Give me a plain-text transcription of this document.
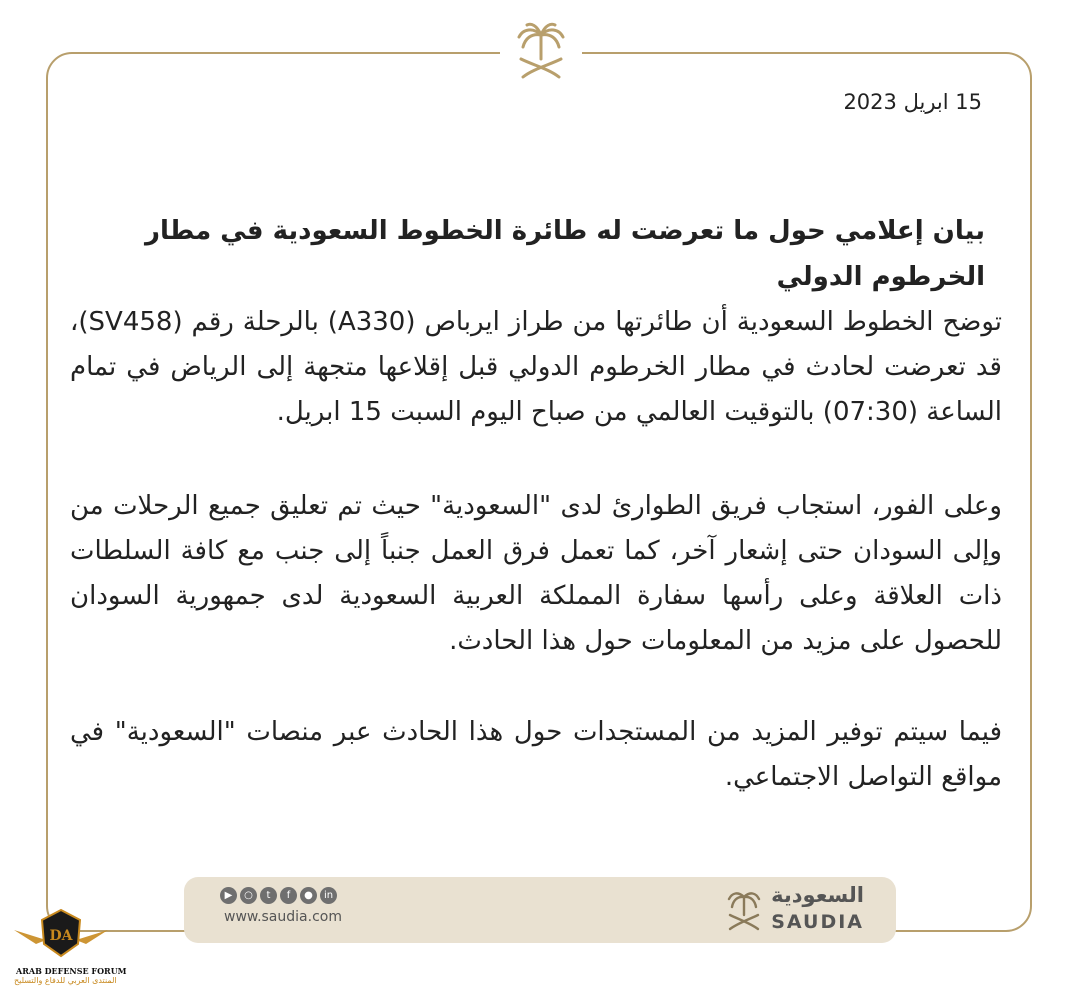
15 ابريل 2023
بيان إعلامي حول ما تعرضت له طائرة الخطوط السعودية في مطار الخرطوم الدولي
توضح الخطوط السعودية أن طائرتها من طراز ايرباص (A330) بالرحلة رقم (SV458)، قد تعرضت لحادث في مطار الخرطوم الدولي قبل إقلاعها متجهة إلى الرياض في تمام الساعة (07:30) بالتوقيت العالمي من صباح اليوم السبت 15 ابريل.
وعلى الفور، استجاب فريق الطوارئ لدى "السعودية" حيث تم تعليق جميع الرحلات من وإلى السودان حتى إشعار آخر، كما تعمل فرق العمل جنباً إلى جنب مع كافة السلطات ذات العلاقة وعلى رأسها سفارة المملكة العربية السعودية لدى جمهورية السودان للحصول على مزيد من المعلومات حول هذا الحادث.
فيما سيتم توفير المزيد من المستجدات حول هذا الحادث عبر منصات "السعودية" في مواقع التواصل الاجتماعي.
▶	○	t	f	●	in
www.saudia.com
السعودية
SAUDIA
DA
ARAB DEFENSE FORUM
المنتدى العربي للدفاع والتسليح
